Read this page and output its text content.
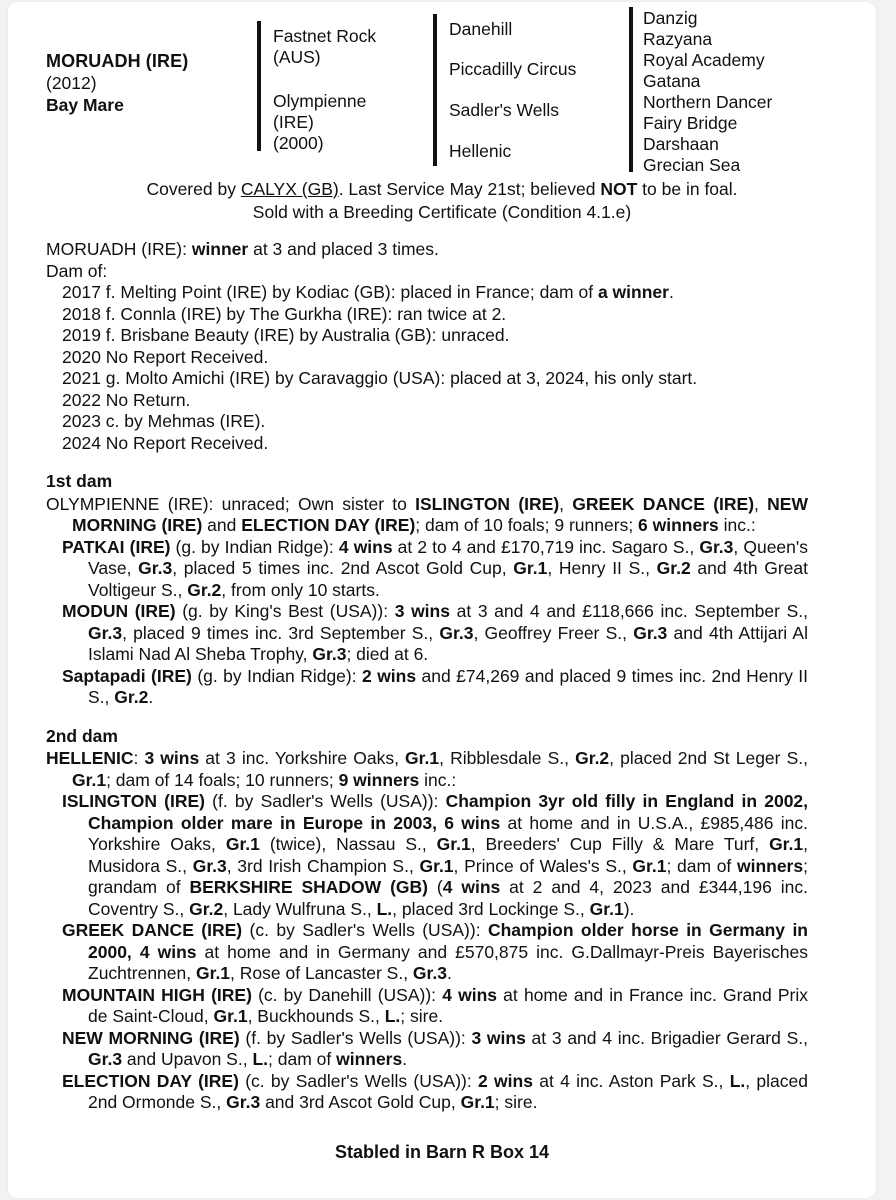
MORUADH (IRE)
(2012)
Bay Mare
Fastnet Rock
(AUS)
Olympienne
(IRE)
(2000)
Danehill
Piccadilly Circus
Sadler's Wells
Hellenic
Danzig
Razyana
Royal Academy
Gatana
Northern Dancer
Fairy Bridge
Darshaan
Grecian Sea
Covered by CALYX (GB). Last Service May 21st; believed NOT to be in foal.
Sold with a Breeding Certificate (Condition 4.1.e)
MORUADH (IRE): winner at 3 and placed 3 times.
Dam of:
2017 f. Melting Point (IRE) by Kodiac (GB): placed in France; dam of a winner.
2018 f. Connla (IRE) by The Gurkha (IRE): ran twice at 2.
2019 f. Brisbane Beauty (IRE) by Australia (GB): unraced.
2020 No Report Received.
2021 g. Molto Amichi (IRE) by Caravaggio (USA): placed at 3, 2024, his only start.
2022 No Return.
2023 c. by Mehmas (IRE).
2024 No Report Received.
1st dam
OLYMPIENNE (IRE): unraced; Own sister to ISLINGTON (IRE), GREEK DANCE (IRE), NEW MORNING (IRE) and ELECTION DAY (IRE); dam of 10 foals; 9 runners; 6 winners inc.:
PATKAI (IRE) (g. by Indian Ridge): 4 wins at 2 to 4 and £170,719 inc. Sagaro S., Gr.3, Queen's Vase, Gr.3, placed 5 times inc. 2nd Ascot Gold Cup, Gr.1, Henry II S., Gr.2 and 4th Great Voltigeur S., Gr.2, from only 10 starts.
MODUN (IRE) (g. by King's Best (USA)): 3 wins at 3 and 4 and £118,666 inc. September S., Gr.3, placed 9 times inc. 3rd September S., Gr.3, Geoffrey Freer S., Gr.3 and 4th Attijari Al Islami Nad Al Sheba Trophy, Gr.3; died at 6.
Saptapadi (IRE) (g. by Indian Ridge): 2 wins and £74,269 and placed 9 times inc. 2nd Henry II S., Gr.2.
2nd dam
HELLENIC: 3 wins at 3 inc. Yorkshire Oaks, Gr.1, Ribblesdale S., Gr.2, placed 2nd St Leger S., Gr.1; dam of 14 foals; 10 runners; 9 winners inc.:
ISLINGTON (IRE) (f. by Sadler's Wells (USA)): Champion 3yr old filly in England in 2002, Champion older mare in Europe in 2003, 6 wins at home and in U.S.A., £985,486 inc. Yorkshire Oaks, Gr.1 (twice), Nassau S., Gr.1, Breeders' Cup Filly & Mare Turf, Gr.1, Musidora S., Gr.3, 3rd Irish Champion S., Gr.1, Prince of Wales's S., Gr.1; dam of winners; grandam of BERKSHIRE SHADOW (GB) (4 wins at 2 and 4, 2023 and £344,196 inc. Coventry S., Gr.2, Lady Wulfruna S., L., placed 3rd Lockinge S., Gr.1).
GREEK DANCE (IRE) (c. by Sadler's Wells (USA)): Champion older horse in Germany in 2000, 4 wins at home and in Germany and £570,875 inc. G.Dallmayr-Preis Bayerisches Zuchtrennen, Gr.1, Rose of Lancaster S., Gr.3.
MOUNTAIN HIGH (IRE) (c. by Danehill (USA)): 4 wins at home and in France inc. Grand Prix de Saint-Cloud, Gr.1, Buckhounds S., L.; sire.
NEW MORNING (IRE) (f. by Sadler's Wells (USA)): 3 wins at 3 and 4 inc. Brigadier Gerard S., Gr.3 and Upavon S., L.; dam of winners.
ELECTION DAY (IRE) (c. by Sadler's Wells (USA)): 2 wins at 4 inc. Aston Park S., L., placed 2nd Ormonde S., Gr.3 and 3rd Ascot Gold Cup, Gr.1; sire.
Stabled in Barn R Box 14
